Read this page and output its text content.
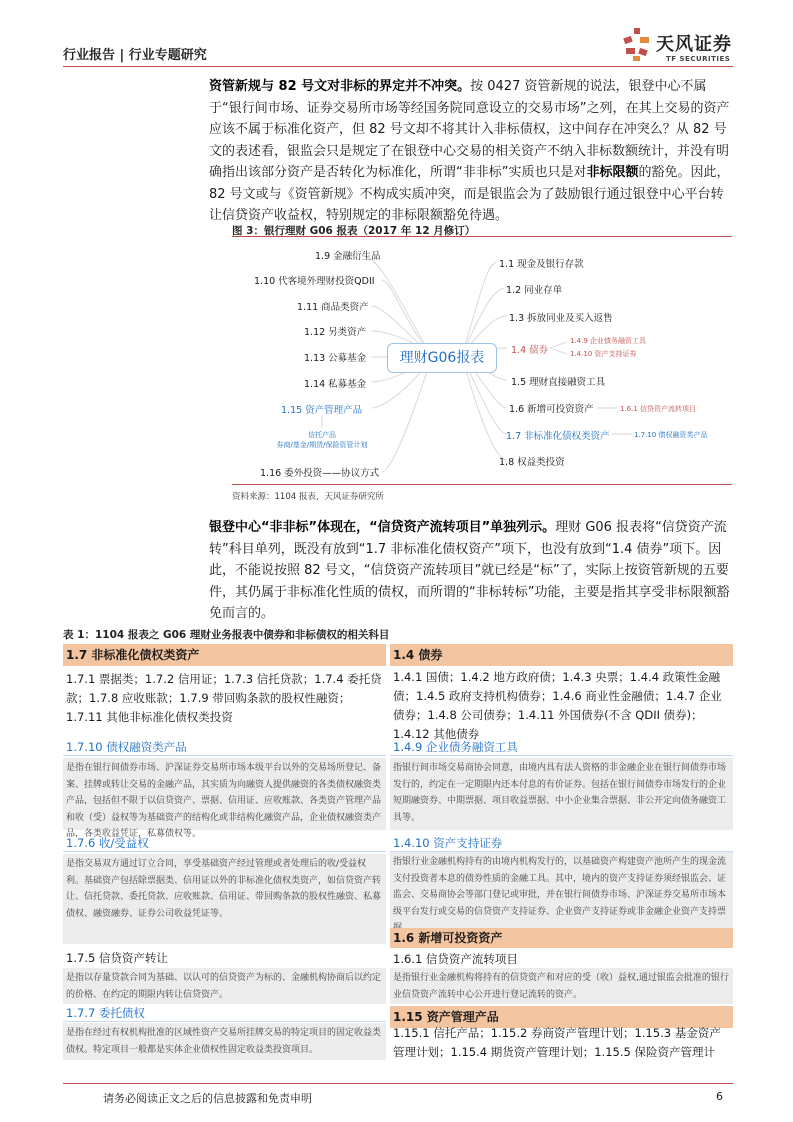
行业报告 | 行业专题研究
天风证券
TF SECURITIES
资管新规与 82 号文对非标的界定并不冲突。按 0427 资管新规的说法，银登中心不属于“银行间市场、证券交易所市场等经国务院同意设立的交易市场”之列，在其上交易的资产应该不属于标准化资产，但 82 号文却不将其计入非标债权，这中间存在冲突么？从 82 号文的表述看，银监会只是规定了在银登中心交易的相关资产不纳入非标数额统计，并没有明确指出该部分资产是否转化为标准化，所谓“非非标”实质也只是对非标限额的豁免。因此，82 号文或与《资管新规》不构成实质冲突，而是银监会为了鼓励银行通过银登中心平台转让信贷资产收益权，特别规定的非标限额豁免待遇。
图 3：银行理财 G06 报表（2017 年 12 月修订）
理财G06报表
1.9 金融衍生品
1.10 代客境外理财投资QDII
1.11 商品类资产
1.12 另类资产
1.13 公募基金
1.14 私募基金
1.15 资产管理产品
信托产品
券商/基金/期货/保险资管计划
1.16 委外投资——协议方式
1.1 现金及银行存款
1.2 同业存单
1.3 拆放同业及买入返售
1.4 债券
1.4.9 企业债务融资工具
1.4.10 资产支持证券
1.5 理财直接融资工具
1.6 新增可投资资产	1.6.1 信贷资产流转项目
1.7 非标准化债权类资产	1.7.10 债权融资类产品
1.8 权益类投资
资料来源：1104 报表，天风证券研究所
银登中心“非非标”体现在，“信贷资产流转项目”单独列示。理财 G06 报表将“信贷资产流转”科目单列，既没有放到“1.7 非标准化债权资产”项下，也没有放到“1.4 债券”项下。因此，不能说按照 82 号文，“信贷资产流转项目”就已经是“标”了，实际上按资管新规的五要件，其仍属于非标准化性质的债权，而所谓的“非标转标”功能，主要是指其享受非标限额豁免而言的。
表 1：1104 报表之 G06 理财业务报表中债券和非标债权的相关科目
1.7 非标准化债权类资产
1.7.1 票据类；1.7.2 信用证；1.7.3 信托贷款；1.7.4 委托贷款；1.7.8 应收账款；1.7.9 带回购条款的股权性融资；1.7.11 其他非标准化债权类投资
1.7.10 债权融资类产品
是指在银行间债券市场、沪深证券交易所市场本级平台以外的交易场所登记、备案、挂牌或转让交易的金融产品，其实质为向融资人提供融资的各类债权融资类产品，包括但不限于以信贷资产、票据、信用证、应收账款、各类资产管理产品和收（受）益权等为基础资产的结构化或非结构化融资产品，企业债权融资类产品，各类收益凭证，私募债权等。
1.7.6 收/受益权
是指交易双方通过订立合同，享受基础资产经过管理或者处理后的收/受益权利。基础资产包括除票据类、信用证以外的非标准化债权类资产，如信贷资产转让、信托贷款、委托贷款、应收账款、信用证、带回购条款的股权性融资、私募债权、融资融券、证券公司收益凭证等。
1.7.5 信贷资产转让
是指以存量贷款合同为基础、以认可的信贷资产为标的、金融机构协商后以约定的价格、在约定的期限内转让信贷资产。
1.7.7 委托债权
是指在经过有权机构批准的区域性资产交易所挂牌交易的特定项目的固定收益类债权。特定项目一般都是实体企业债权性固定收益类投资项目。
1.4 债券
1.4.1 国债；1.4.2 地方政府债；1.4.3 央票；1.4.4 政策性金融债；1.4.5 政府支持机构债券；1.4.6 商业性金融债；1.4.7 企业债券；1.4.8 公司债券；1.4.11 外国债券(不含 QDII 债券)；1.4.12 其他债券
1.4.9 企业债务融资工具
指银行间市场交易商协会同意，由境内具有法人资格的非金融企业在银行间债券市场发行的，约定在一定期限内还本付息的有价证券。包括在银行间债券市场发行的企业短期融资券、中期票据、项目收益票据、中小企业集合票据、非公开定向债务融资工具等。
1.4.10 资产支持证券
指银行业金融机构持有的由境内机构发行的，以基础资产构建资产池所产生的现金流支付投资者本息的债券性质的金融工具。其中，境内的资产支持证券须经银监会、证监会、交易商协会等部门登记或审批，并在银行间债券市场、沪深证券交易所市场本级平台发行或交易的信贷资产支持证券、企业资产支持证券或非金融企业资产支持票
1.6 新增可投资资产
1.6.1 信贷资产流转项目
是指银行业金融机构将持有的信贷资产和对应的受（收）益权,通过银监会批准的银行业信贷资产流转中心公开进行登记流转的资产。
1.15 资产管理产品
1.15.1 信托产品；1.15.2 券商资产管理计划；1.15.3 基金资产管理计划；1.15.4 期货资产管理计划；1.15.5 保险资产管理计
请务必阅读正文之后的信息披露和免责申明	6
